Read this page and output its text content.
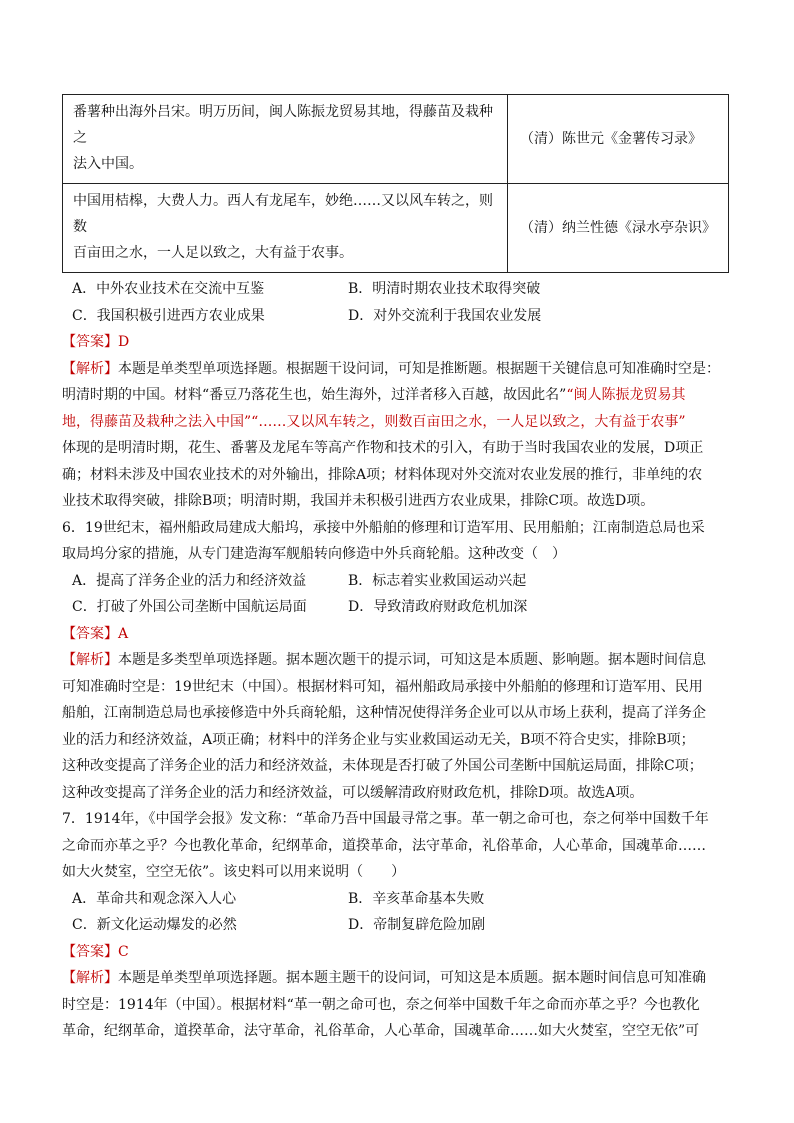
番薯种出海外吕宋。明万历间，闽人陈振龙贸易其地，得藤苗及栽种之
法入中国。	（清）陈世元《金薯传习录》

中国用桔槔，大费人力。西人有龙尾车，妙绝……又以风车转之，则数
百亩田之水，一人足以致之，大有益于农事。	（清）纳兰性德《渌水亭杂识》
A．中外农业技术在交流中互鉴	B．明清时期农业技术取得突破
C．我国积极引进西方农业成果	D．对外交流利于我国农业发展
【答案】D
【解析】本题是单类型单项选择题。根据题干设问词，可知是推断题。根据题干关键信息可知准确时空是：
明清时期的中国。材料“番豆乃落花生也，始生海外，过洋者移入百越，故因此名”“闽人陈振龙贸易其
地，得藤苗及栽种之法入中国”“……又以风车转之，则数百亩田之水，一人足以致之，大有益于农事”
体现的是明清时期，花生、番薯及龙尾车等高产作物和技术的引入，有助于当时我国农业的发展，D项正
确；材料未涉及中国农业技术的对外输出，排除A项；材料体现对外交流对农业发展的推行，非单纯的农
业技术取得突破，排除B项；明清时期，我国并未积极引进西方农业成果，排除C项。故选D项。
6．19世纪末，福州船政局建成大船坞，承接中外船舶的修理和订造军用、民用船舶；江南制造总局也采
取局坞分家的措施，从专门建造海军舰船转向修造中外兵商轮船。这种改变（　）
A．提高了洋务企业的活力和经济效益	B．标志着实业救国运动兴起
C．打破了外国公司垄断中国航运局面	D．导致清政府财政危机加深
【答案】A
【解析】本题是多类型单项选择题。据本题次题干的提示词，可知这是本质题、影响题。据本题时间信息
可知准确时空是：19世纪末（中国）。根据材料可知，福州船政局承接中外船舶的修理和订造军用、民用
船舶，江南制造总局也承接修造中外兵商轮船，这种情况使得洋务企业可以从市场上获利，提高了洋务企
业的活力和经济效益，A项正确；材料中的洋务企业与实业救国运动无关，B项不符合史实，排除B项；
这种改变提高了洋务企业的活力和经济效益，未体现是否打破了外国公司垄断中国航运局面，排除C项；
这种改变提高了洋务企业的活力和经济效益，可以缓解清政府财政危机，排除D项。故选A项。
7．1914年，《中国学会报》发文称：“革命乃吾中国最寻常之事。革一朝之命可也，奈之何举中国数千年
之命而亦革之乎？今也教化革命，纪纲革命，道揆革命，法守革命，礼俗革命，人心革命，国魂革命……
如大火焚室，空空无依”。该史料可以用来说明（　　）
A．革命共和观念深入人心	B．辛亥革命基本失败
C．新文化运动爆发的必然	D．帝制复辟危险加剧
【答案】C
【解析】本题是单类型单项选择题。据本题主题干的设问词，可知这是本质题。据本题时间信息可知准确
时空是：1914年（中国）。根据材料“革一朝之命可也，奈之何举中国数千年之命而亦革之乎？今也教化
革命，纪纲革命，道揆革命，法守革命，礼俗革命，人心革命，国魂革命……如大火焚室，空空无依”可
